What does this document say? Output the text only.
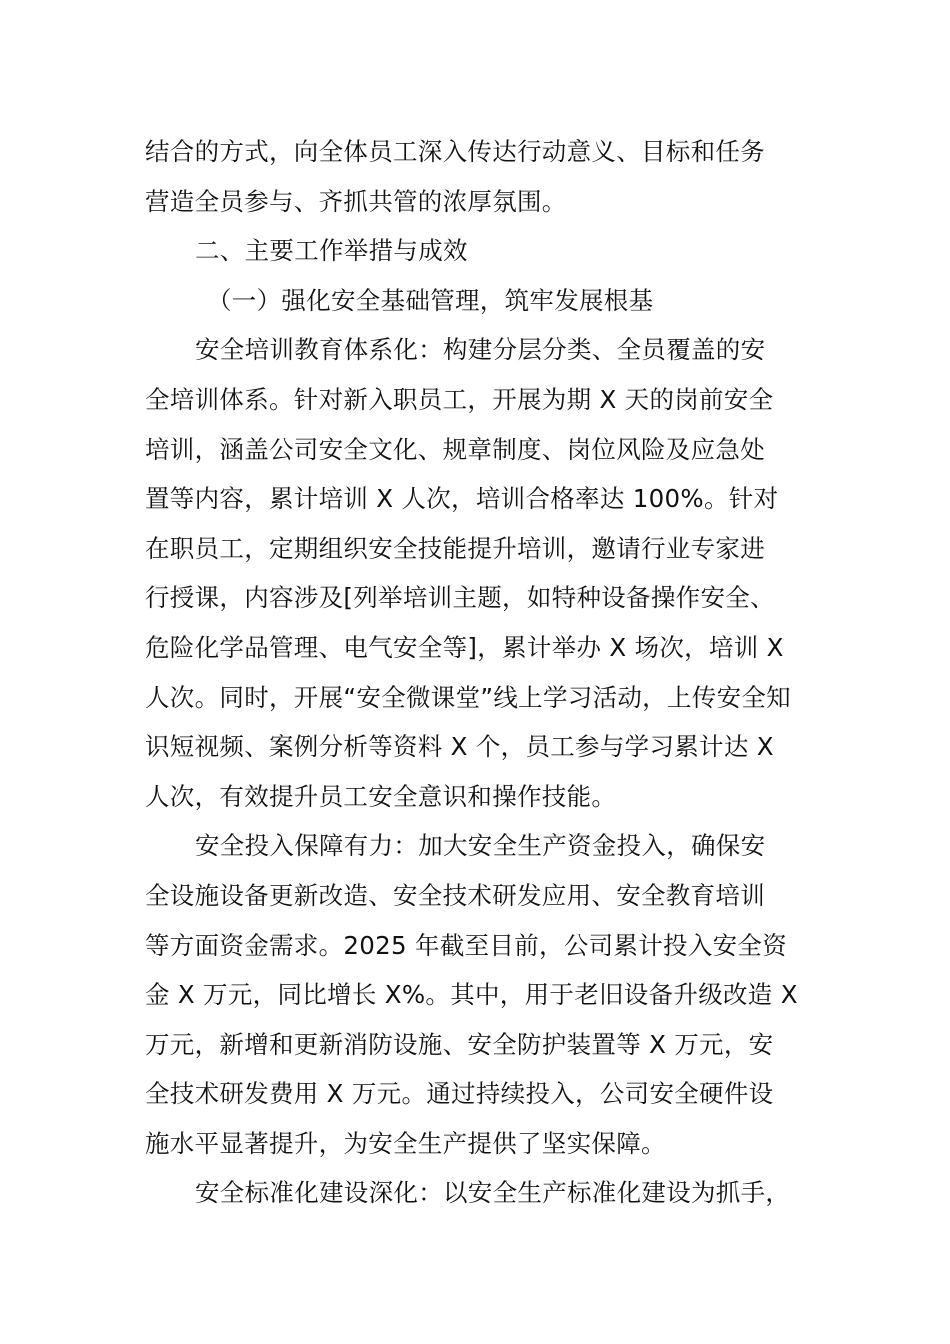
结合的方式，向全体员工深入传达行动意义、目标和任务
营造全员参与、齐抓共管的浓厚氛围。
二、主要工作举措与成效
（一）强化安全基础管理，筑牢发展根基
安全培训教育体系化：构建分层分类、全员覆盖的安
全培训体系。针对新入职员工，开展为期 X 天的岗前安全
培训，涵盖公司安全文化、规章制度、岗位风险及应急处
置等内容，累计培训 X 人次，培训合格率达 100%。针对
在职员工，定期组织安全技能提升培训，邀请行业专家进
行授课，内容涉及[列举培训主题，如特种设备操作安全、
危险化学品管理、电气安全等]，累计举办 X 场次，培训 X
人次。同时，开展“安全微课堂”线上学习活动，上传安全知
识短视频、案例分析等资料 X 个，员工参与学习累计达 X
人次，有效提升员工安全意识和操作技能。
安全投入保障有力：加大安全生产资金投入，确保安
全设施设备更新改造、安全技术研发应用、安全教育培训
等方面资金需求。2025 年截至目前，公司累计投入安全资
金 X 万元，同比增长 X%。其中，用于老旧设备升级改造 X
万元，新增和更新消防设施、安全防护装置等 X 万元，安
全技术研发费用 X 万元。通过持续投入，公司安全硬件设
施水平显著提升，为安全生产提供了坚实保障。
安全标准化建设深化：以安全生产标准化建设为抓手，
